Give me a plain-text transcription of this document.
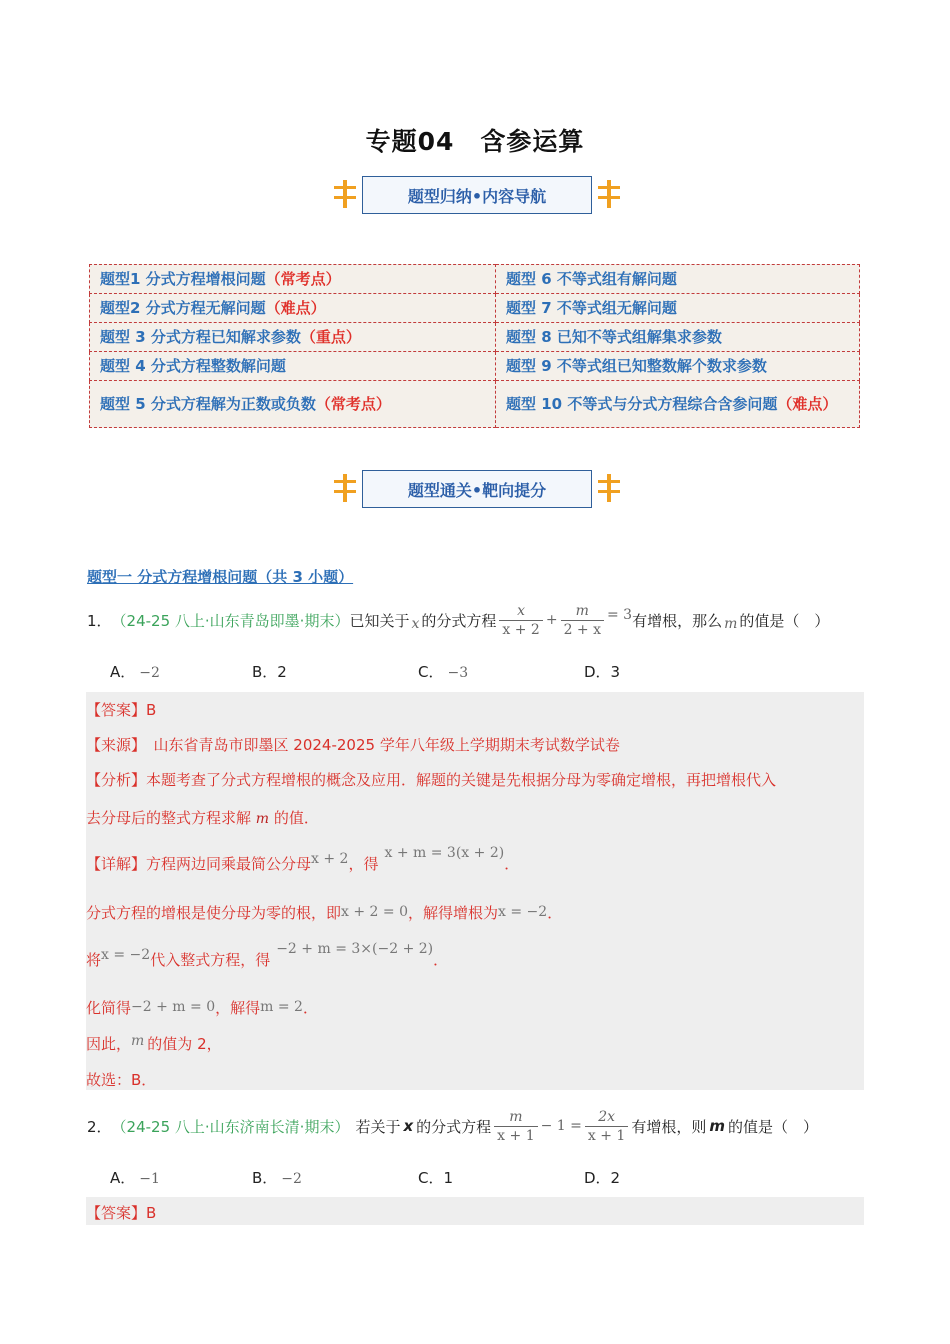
专题04　含参运算
题型归纳•内容导航
题型1 分式方程增根问题（常考点）	题型 6 不等式组有解问题
题型2 分式方程无解问题（难点）	题型 7 不等式组无解问题
题型 3 分式方程已知解求参数（重点）	题型 8 已知不等式组解集求参数
题型 4 分式方程整数解问题	题型 9 不等式组已知整数解个数求参数
题型 5 分式方程解为正数或负数（常考点）	题型 10 不等式与分式方程综合含参问题（难点）
题型通关•靶向提分
题型一 分式方程增根问题（共 3 小题）
1． （24-25 八上·山东青岛即墨·期末） 已知关于 x 的分式方程 $\frac{x}{x + 2} + \frac{m}{2 + x} = 3$ 有增根，那么 m 的值是（　）
A． −2	B．2	C． −3	D．3
【答案】B
【来源】　山东省青岛市即墨区 2024-2025 学年八年级上学期期末考试数学试卷
【分析】本题考查了分式方程增根的概念及应用．解题的关键是先根据分母为零确定增根，再把增根代入
去分母后的整式方程求解 m 的值．
【详解】方程两边同乘最简公分母x + 2，得x + m = 3(x + 2)．
分式方程的增根是使分母为零的根，即x + 2 = 0，解得增根为x = −2．
将x = −2代入整式方程，得−2 + m = 3×(−2 + 2)．
化简得−2 + m = 0，解得m = 2．
因此，m 的值为 2，
故选：B．
2． （24-25 八上·山东济南长清·期末） 若关于 x 的分式方程 $\frac{m}{x + 1} - 1 = \frac{2x}{x + 1}$ 有增根，则 m 的值是（　）
A． −1	B． −2	C．1	D．2
【答案】B
